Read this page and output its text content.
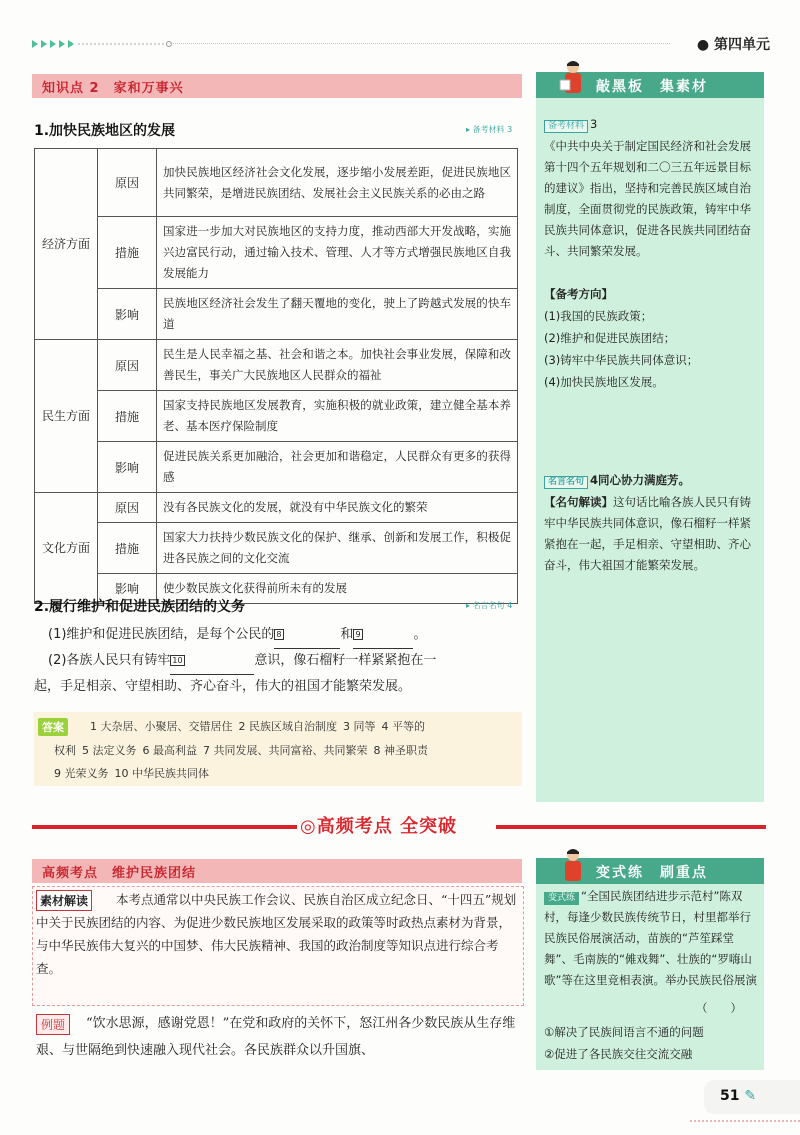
● 第四单元
知识点 2　家和万事兴
1.加快民族地区的发展	▸ 备考材料 3
经济方面	原因	加快民族地区经济社会文化发展，逐步缩小发展差距，促进民族地区共同繁荣，是增进民族团结、发展社会主义民族关系的必由之路
	措施	国家进一步加大对民族地区的支持力度，推动西部大开发战略，实施兴边富民行动，通过输入技术、管理、人才等方式增强民族地区自我发展能力
	影响	民族地区经济社会发生了翻天覆地的变化，驶上了跨越式发展的快车道
民生方面	原因	民生是人民幸福之基、社会和谐之本。加快社会事业发展，保障和改善民生，事关广大民族地区人民群众的福祉
	措施	国家支持民族地区发展教育，实施积极的就业政策，建立健全基本养老、基本医疗保险制度
	影响	促进民族关系更加融洽，社会更加和谐稳定，人民群众有更多的获得感
文化方面	原因	没有各民族文化的发展，就没有中华民族文化的繁荣
	措施	国家大力扶持少数民族文化的保护、继承、创新和发展工作，积极促进各民族之间的文化交流
	影响	使少数民族文化获得前所未有的发展
2.履行维护和促进民族团结的义务	▸ 名言名句 4
(1)维护和促进民族团结，是每个公民的 8	和 9	。
(2)各族人民只有铸牢 10	意识，像石榴籽一样紧紧抱在一
起，手足相亲、守望相助、齐心奋斗，伟大的祖国才能繁荣发展。
答案	1 大杂居、小聚居、交错居住 2 民族区域自治制度 3 同等 4 平等的
权利 5 法定义务 6 最高利益 7 共同发展、共同富裕、共同繁荣 8 神圣职责
9 光荣义务 10 中华民族共同体
敲黑板　集素材
备考材料 3
《中共中央关于制定国民经济和社会发展第十四个五年规划和二〇三五年远景目标的建议》指出，坚持和完善民族区域自治制度，全面贯彻党的民族政策，铸牢中华民族共同体意识，促进各民族共同团结奋斗、共同繁荣发展。
【备考方向】
(1)我国的民族政策；
(2)维护和促进民族团结；
(3)铸牢中华民族共同体意识；
(4)加快民族地区发展。
名言名句 4同心协力满庭芳。
【名句解读】这句话比喻各族人民只有铸牢中华民族共同体意识，像石榴籽一样紧紧抱在一起，手足相亲、守望相助、齐心奋斗，伟大祖国才能繁荣发展。
◎高频考点 全突破
高频考点　维护民族团结
本考点通常以中央民族工作会议、民族自治区成立纪念日、“十四五”规划中关于民族团结的内容、为促进少数民族地区发展采取的政策等时政热点素材为背景，与中华民族伟大复兴的中国梦、伟大民族精神、我国的政治制度等知识点进行综合考查。
素材解读
“饮水思源，感谢党恩！”在党和政府的关怀下，怒江州各少数民族从生存维艰、与世隔绝到快速融入现代社会。各民族群众以升国旗、
例题
变式练　刷重点
变式练 “全国民族团结进步示范村”陈双村，每逢少数民族传统节日，村里都举行民族民俗展演活动，苗族的“芦笙踩堂舞”、毛南族的“傩戏舞”、壮族的“罗嗨山歌”等在这里竞相表演。举办民族民俗展演
（　　）
①解决了民族间语言不通的问题
②促进了各民族交往交流交融
51 ✎
